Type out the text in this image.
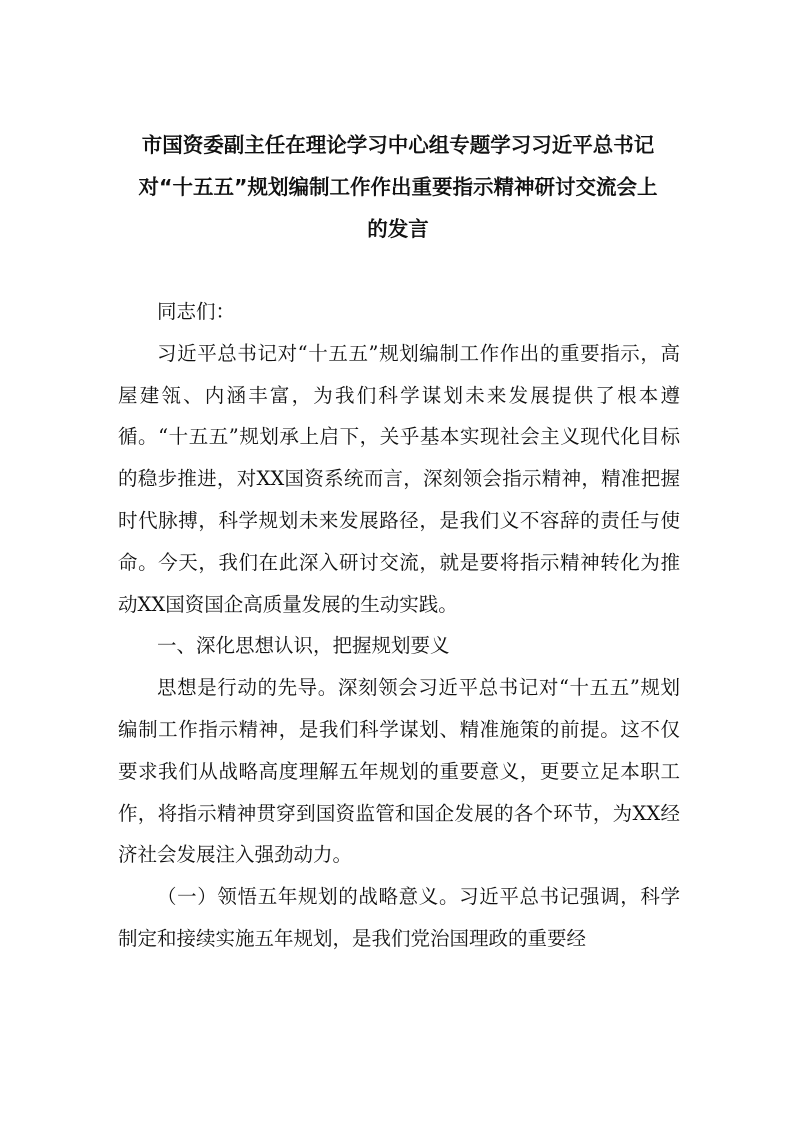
市国资委副主任在理论学习中心组专题学习习近平总书记
对“十五五”规划编制工作作出重要指示精神研讨交流会上
的发言

同志们：

习近平总书记对“十五五”规划编制工作作出的重要指示，高屋建瓴、内涵丰富，为我们科学谋划未来发展提供了根本遵循。“十五五”规划承上启下，关乎基本实现社会主义现代化目标的稳步推进，对XX国资系统而言，深刻领会指示精神，精准把握时代脉搏，科学规划未来发展路径，是我们义不容辞的责任与使命。今天，我们在此深入研讨交流，就是要将指示精神转化为推动XX国资国企高质量发展的生动实践。

一、深化思想认识，把握规划要义

思想是行动的先导。深刻领会习近平总书记对“十五五”规划编制工作指示精神，是我们科学谋划、精准施策的前提。这不仅要求我们从战略高度理解五年规划的重要意义，更要立足本职工作，将指示精神贯穿到国资监管和国企发展的各个环节，为XX经济社会发展注入强劲动力。

（一）领悟五年规划的战略意义。习近平总书记强调，科学制定和接续实施五年规划，是我们党治国理政的重要经
